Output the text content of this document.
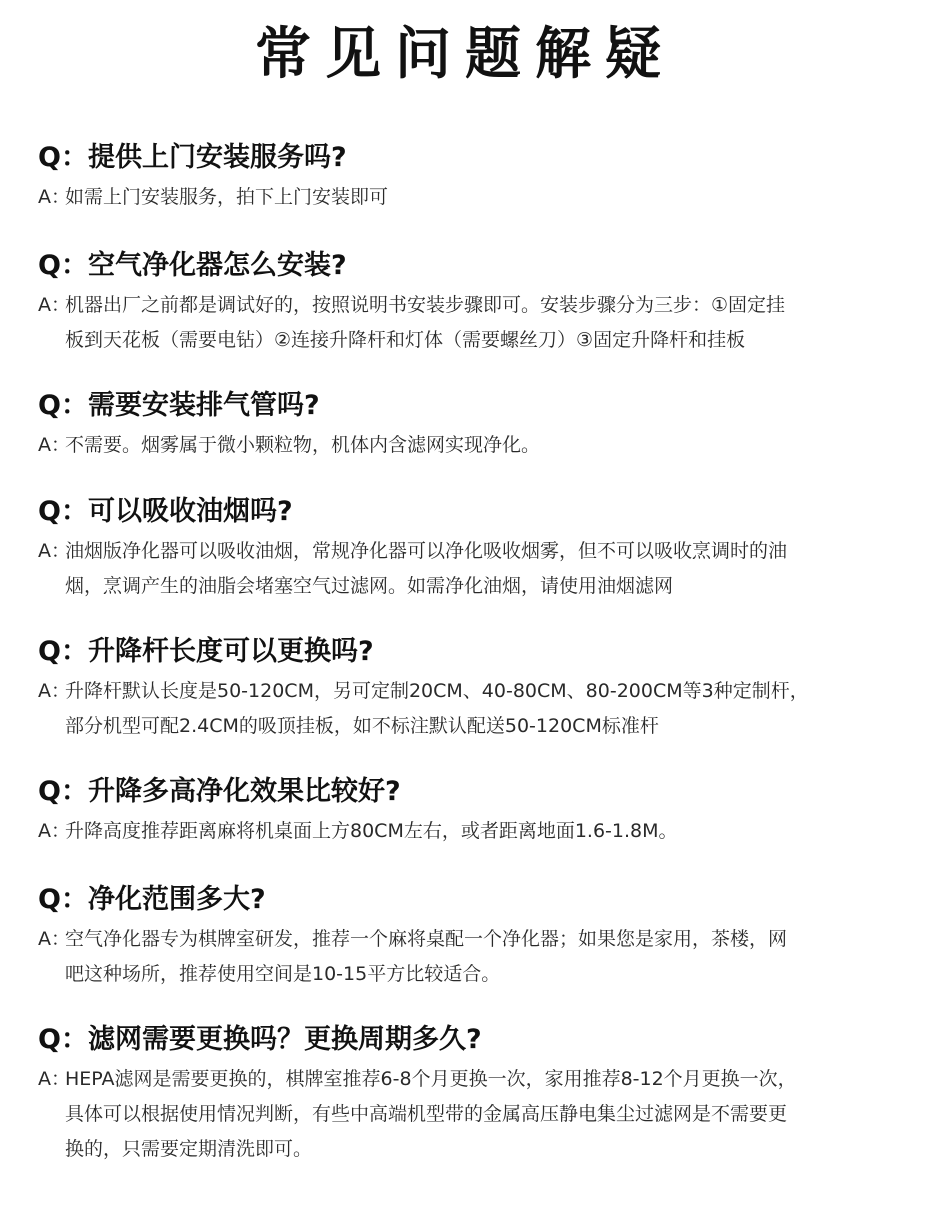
常见问题解疑
Q：提供上门安装服务吗?
A：
如需上门安装服务，拍下上门安装即可
Q：空气净化器怎么安装?
A：
机器出厂之前都是调试好的，按照说明书安装步骤即可。安装步骤分为三步：①固定挂
板到天花板（需要电钻）②连接升降杆和灯体（需要螺丝刀）③固定升降杆和挂板
Q：需要安装排气管吗?
A：
不需要。烟雾属于微小颗粒物，机体内含滤网实现净化。
Q：可以吸收油烟吗?
A：
油烟版净化器可以吸收油烟，常规净化器可以净化吸收烟雾，但不可以吸收烹调时的油
烟，烹调产生的油脂会堵塞空气过滤网。如需净化油烟，请使用油烟滤网
Q：升降杆长度可以更换吗?
A：
升降杆默认长度是50-120CM，另可定制20CM、40-80CM、80-200CM等3种定制杆，
部分机型可配2.4CM的吸顶挂板，如不标注默认配送50-120CM标准杆
Q：升降多高净化效果比较好?
A：
升降高度推荐距离麻将机桌面上方80CM左右，或者距离地面1.6-1.8M。
Q：净化范围多大?
A：
空气净化器专为棋牌室研发，推荐一个麻将桌配一个净化器；如果您是家用，茶楼，网
吧这种场所，推荐使用空间是10-15平方比较适合。
Q：滤网需要更换吗？更换周期多久?
A：
HEPA滤网是需要更换的，棋牌室推荐6-8个月更换一次，家用推荐8-12个月更换一次，
具体可以根据使用情况判断，有些中高端机型带的金属高压静电集尘过滤网是不需要更
换的，只需要定期清洗即可。
